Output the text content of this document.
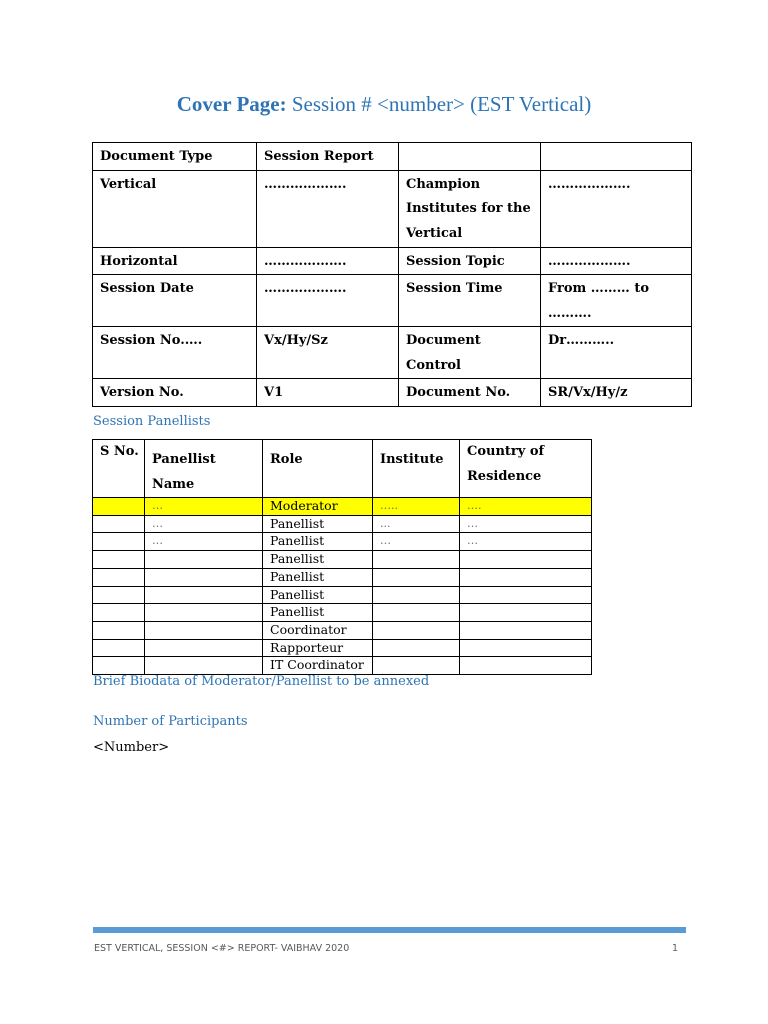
Cover Page: Session # <number> (EST Vertical)
Document Type	Session Report		
Vertical	……………….	Champion Institutes for the Vertical	……………….
Horizontal	……………….	Session Topic	……………….
Session Date	……………….	Session Time	From ……… to ……….
Session No.….	Vx/Hy/Sz	Document Control	Dr………..
Version No.	V1	Document No.	SR/Vx/Hy/z
Session Panellists
S No.	Panellist Name	Role	Institute	Country of Residence
	…	Moderator	…..	….
	…	Panellist	...	…
	…	Panellist	…	…
		Panellist		
		Panellist		
		Panellist		
		Panellist		
		Coordinator		
		Rapporteur		
		IT Coordinator		
Brief Biodata of Moderator/Panellist to be annexed
Number of Participants
<Number>
EST VERTICAL, SESSION <#> REPORT- VAIBHAV 2020	1
